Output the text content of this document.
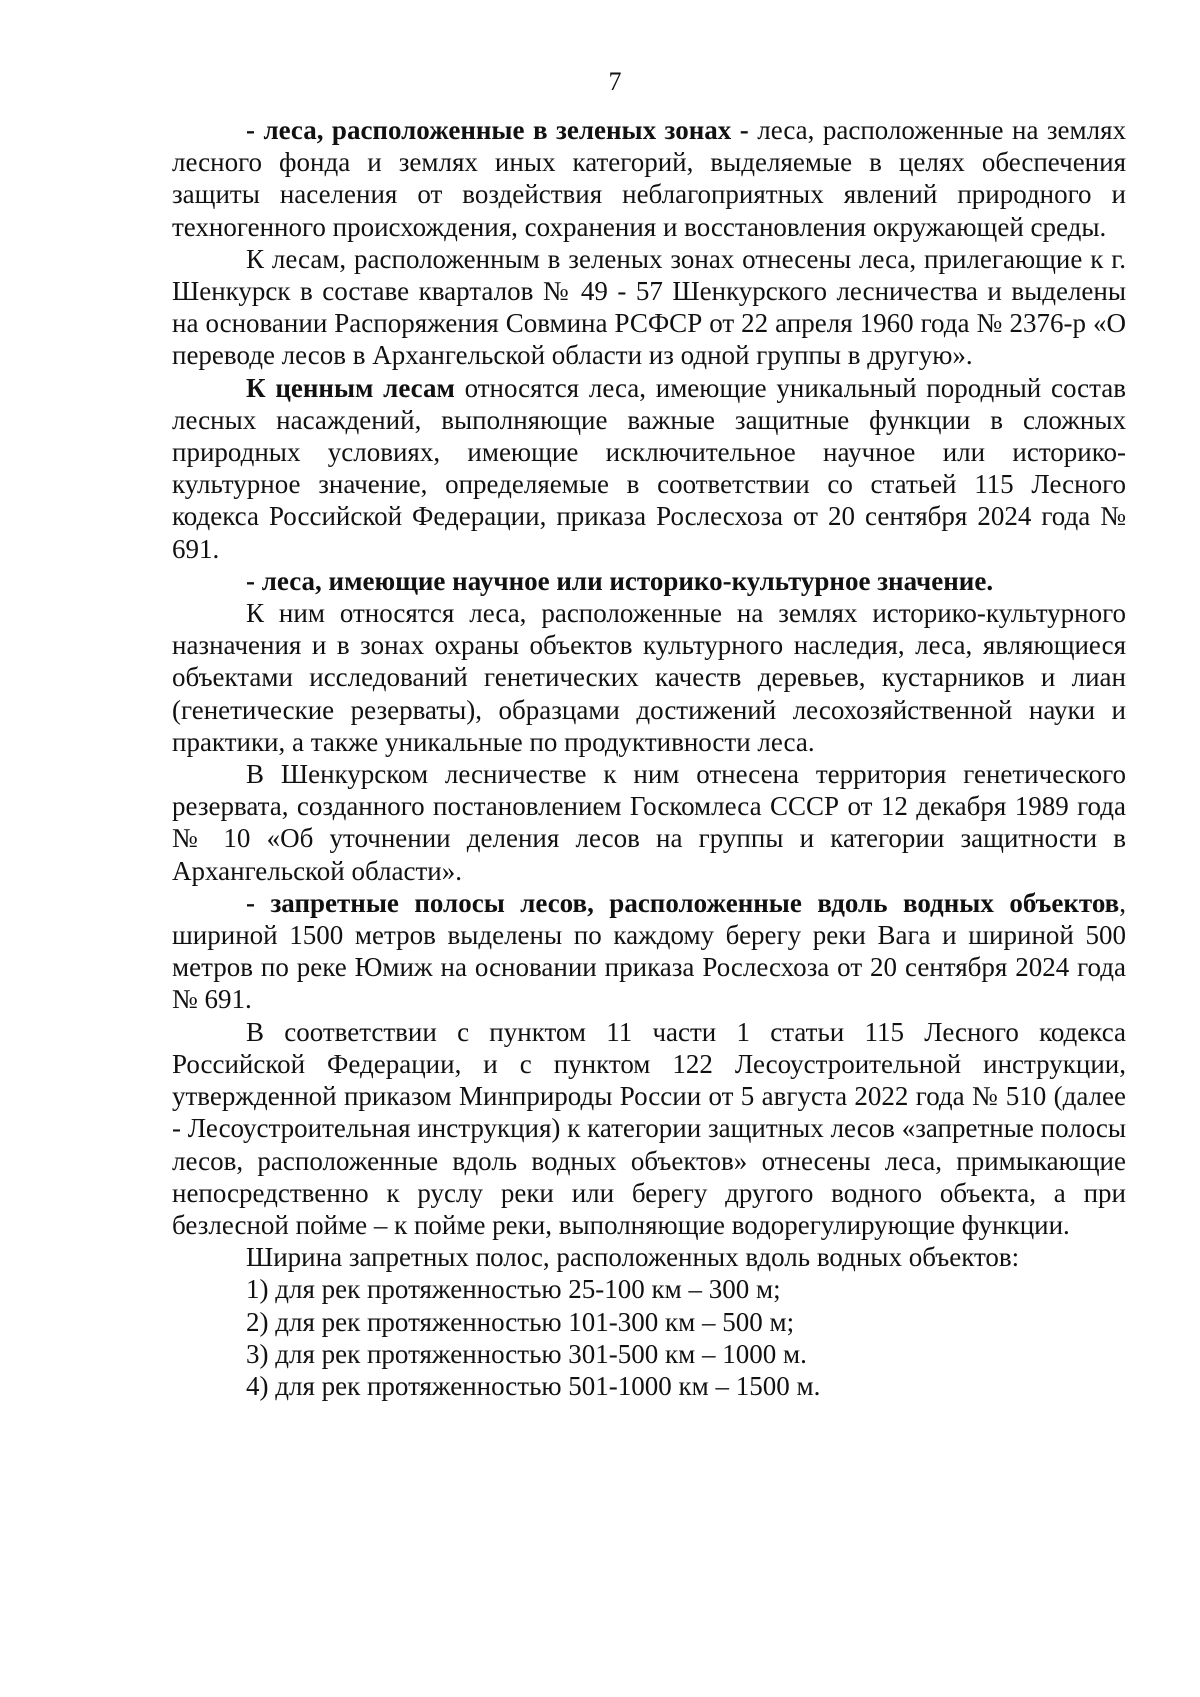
7

- леса, расположенные в зеленых зонах - леса, расположенные на землях лесного фонда и землях иных категорий, выделяемые в целях обеспечения защиты населения от воздействия неблагоприятных явлений природного и техногенного происхождения, сохранения и восстановления окружающей среды.

К лесам, расположенным в зеленых зонах отнесены леса, прилегающие к г. Шенкурск в составе кварталов № 49 - 57 Шенкурского лесничества и выделены на основании Распоряжения Совмина РСФСР от 22 апреля 1960 года № 2376-р «О переводе лесов в Архангельской области из одной группы в другую».

К ценным лесам относятся леса, имеющие уникальный породный состав лесных насаждений, выполняющие важные защитные функции в сложных природных условиях, имеющие исключительное научное или историко-культурное значение, определяемые в соответствии со статьей 115 Лесного кодекса Российской Федерации, приказа Рослесхоза от 20 сентября 2024 года № 691.

- леса, имеющие научное или историко-культурное значение.

К ним относятся леса, расположенные на землях историко-культурного назначения и в зонах охраны объектов культурного наследия, леса, являющиеся объектами исследований генетических качеств деревьев, кустарников и лиан (генетические резерваты), образцами достижений лесохозяйственной науки и практики, а также уникальные по продуктивности леса.

В Шенкурском лесничестве к ним отнесена территория генетического резервата, созданного постановлением Госкомлеса СССР от 12 декабря 1989 года № 10 «Об уточнении деления лесов на группы и категории защитности в Архангельской области».

- запретные полосы лесов, расположенные вдоль водных объектов, шириной 1500 метров выделены по каждому берегу реки Вага и шириной 500 метров по реке Юмиж на основании приказа Рослесхоза от 20 сентября 2024 года № 691.

В соответствии с пунктом 11 части 1 статьи 115 Лесного кодекса Российской Федерации, и с пунктом 122 Лесоустроительной инструкции, утвержденной приказом Минприроды России от 5 августа 2022 года № 510 (далее - Лесоустроительная инструкция) к категории защитных лесов «запретные полосы лесов, расположенные вдоль водных объектов» отнесены леса, примыкающие непосредственно к руслу реки или берегу другого водного объекта, а при безлесной пойме – к пойме реки, выполняющие водорегулирующие функции.

Ширина запретных полос, расположенных вдоль водных объектов:

1) для рек протяженностью 25-100 км – 300 м;

2) для рек протяженностью 101-300 км – 500 м;

3) для рек протяженностью 301-500 км – 1000 м.

4) для рек протяженностью 501-1000 км – 1500 м.
